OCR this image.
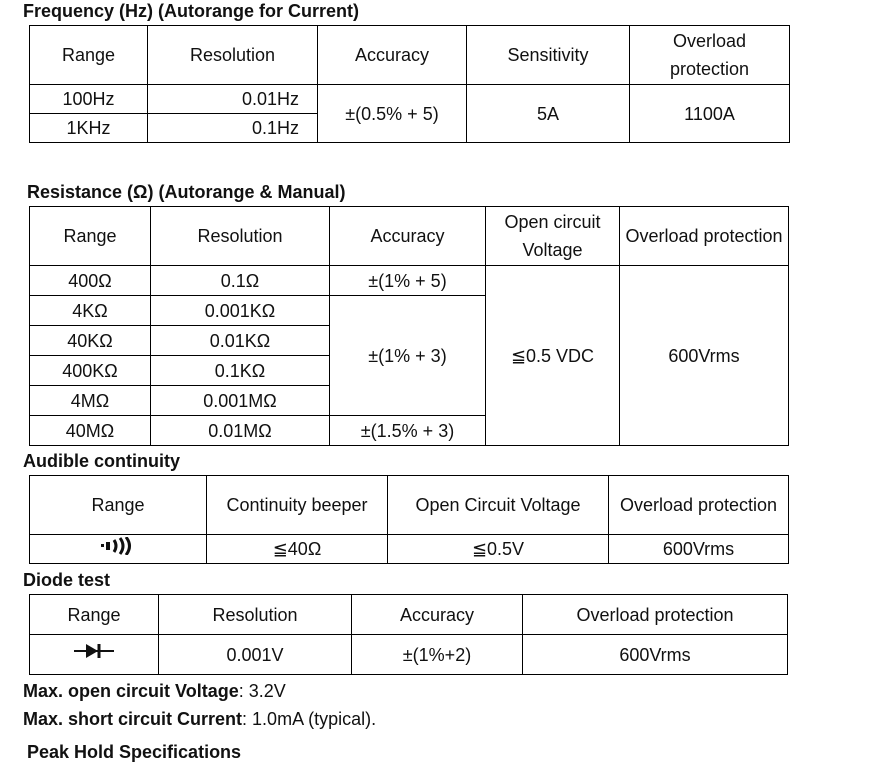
Frequency (Hz) (Autorange for Current)
Range	Resolution	Accuracy	Sensitivity	Overload protection
100Hz	0.01Hz	±(0.5% + 5)	5A	1100A
1KHz	0.1Hz			
Resistance (Ω) (Autorange & Manual)
Range	Resolution	Accuracy	Open circuit Voltage	Overload protection
400Ω	0.1Ω	±(1% + 5)	≦0.5 VDC	600Vrms
4KΩ	0.001KΩ	±(1% + 3)		
40KΩ	0.01KΩ			
400KΩ	0.1KΩ			
4MΩ	0.001MΩ			
40MΩ	0.01MΩ	±(1.5% + 3)		
Audible continuity
Range	Continuity beeper	Open Circuit Voltage	Overload protection
	≦40Ω	≦0.5V	600Vrms
Diode test
Range	Resolution	Accuracy	Overload protection
	0.001V	±(1%+2)	600Vrms
Max. open circuit Voltage: 3.2V
Max. short circuit Current: 1.0mA (typical).
Peak Hold Specifications
